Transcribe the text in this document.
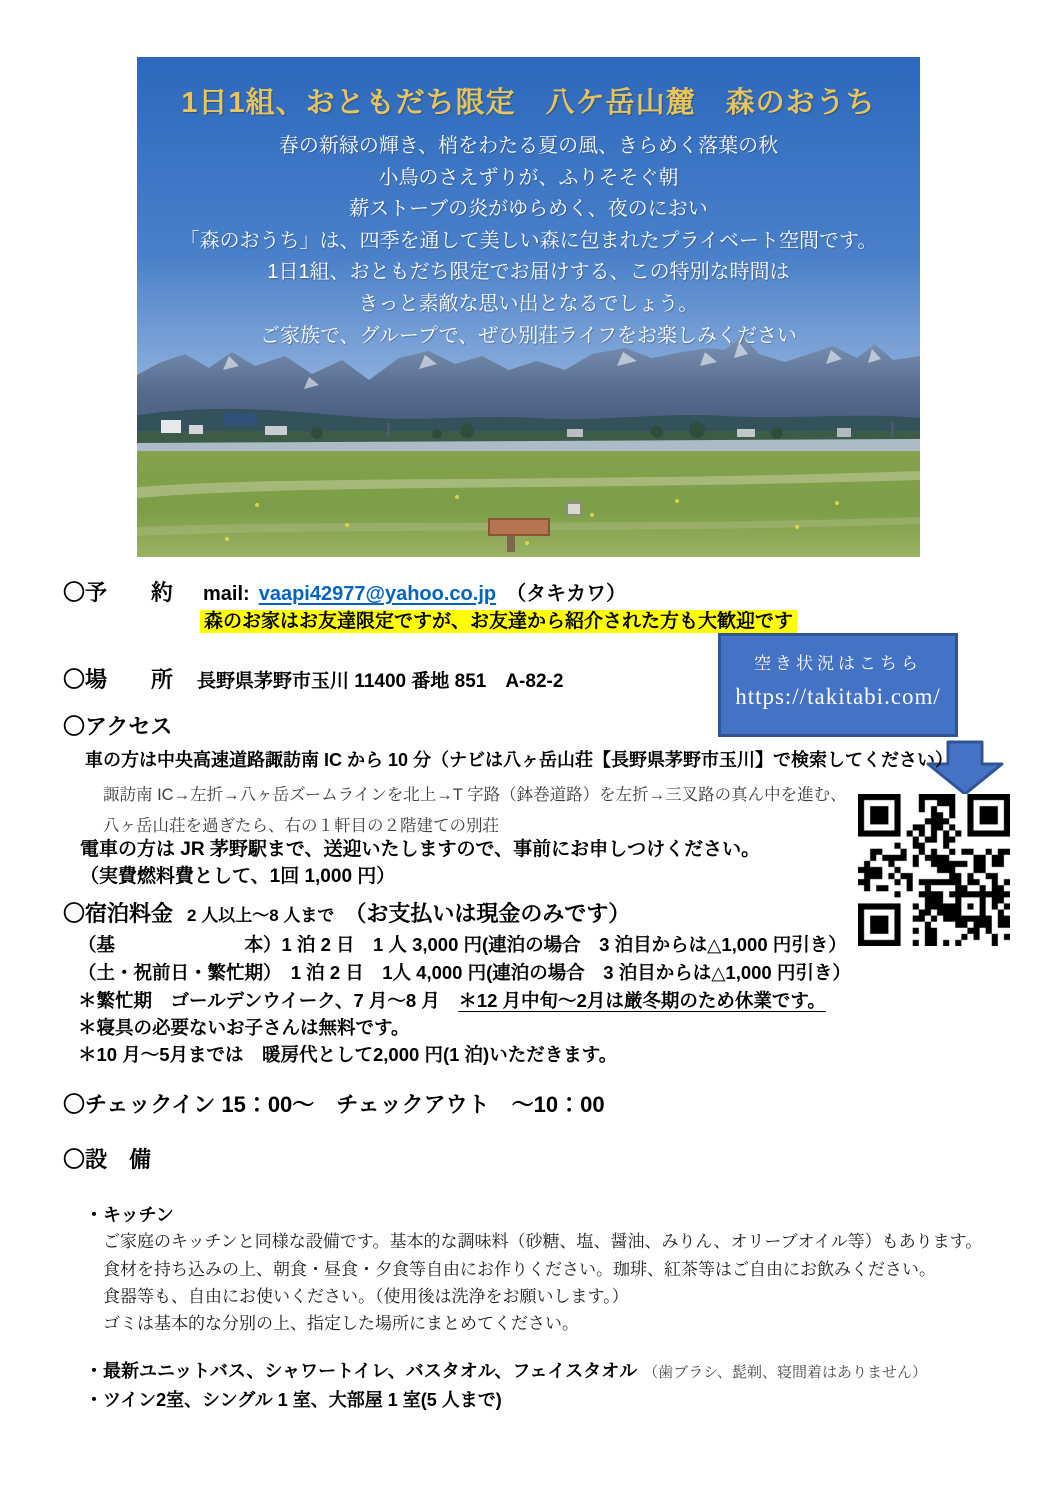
1日1組、おともだち限定　八ケ岳山麓　森のおうち
春の新緑の輝き、梢をわたる夏の風、きらめく落葉の秋
小鳥のさえずりが、ふりそそぐ朝
薪ストーブの炎がゆらめく、夜のにおい
「森のおうち」は、四季を通して美しい森に包まれたプライベート空間です。
1日1組、おともだち限定でお届けする、この特別な時間は
きっと素敵な思い出となるでしょう。
ご家族で、グループで、ぜひ別荘ライフをお楽しみください
〇予　　約 mail: vaapi42977@yahoo.co.jp （タキカワ）
森のお家はお友達限定ですが、お友達から紹介された方も大歓迎です
空き状況はこちら
https://takitabi.com/
〇場　　所 長野県茅野市玉川 11400 番地 851　A-82-2
〇アクセス
車の方は中央高速道路諏訪南 IC から 10 分（ナビは八ヶ岳山荘【長野県茅野市玉川】で検索してください）
諏訪南 IC→左折→八ヶ岳ズームラインを北上→T 字路（鉢巻道路）を左折→三叉路の真ん中を進む、
八ヶ岳山荘を過ぎたら、右の１軒目の２階建ての別荘
電車の方は JR 茅野駅まで、送迎いたしますので、事前にお申しつけください。
（実費燃料費として、1回 1,000 円）
〇宿泊料金 2 人以上～8 人まで （お支払いは現金のみです）
（基　　　　　　　本）1 泊 2 日　1 人 3,000 円(連泊の場合　3 泊目からは△1,000 円引き）
（土・祝前日・繁忙期）　1 泊 2 日　1人 4,000 円(連泊の場合　3 泊目からは△1,000 円引き）
＊繁忙期　ゴールデンウイーク、7 月～8 月　＊12 月中旬～2月は厳冬期のため休業です。
＊寝具の必要ないお子さんは無料です。
＊10 月～5月までは　暖房代として2,000 円(1 泊)いただきます。
〇チェックイン 15：00～　チェックアウト　～10：00
〇設　備
・キッチン
ご家庭のキッチンと同様な設備です。基本的な調味料（砂糖、塩、醤油、みりん、オリーブオイル等）もあります。
食材を持ち込みの上、朝食・昼食・夕食等自由にお作りください。珈琲、紅茶等はご自由にお飲みください。
食器等も、自由にお使いください。（使用後は洗浄をお願いします。）
ゴミは基本的な分別の上、指定した場所にまとめてください。
・最新ユニットバス、シャワートイレ、バスタオル、フェイスタオル （歯ブラシ、髭剃、寝間着はありません）
・ツイン2室、シングル 1 室、大部屋 1 室(5 人まで)
